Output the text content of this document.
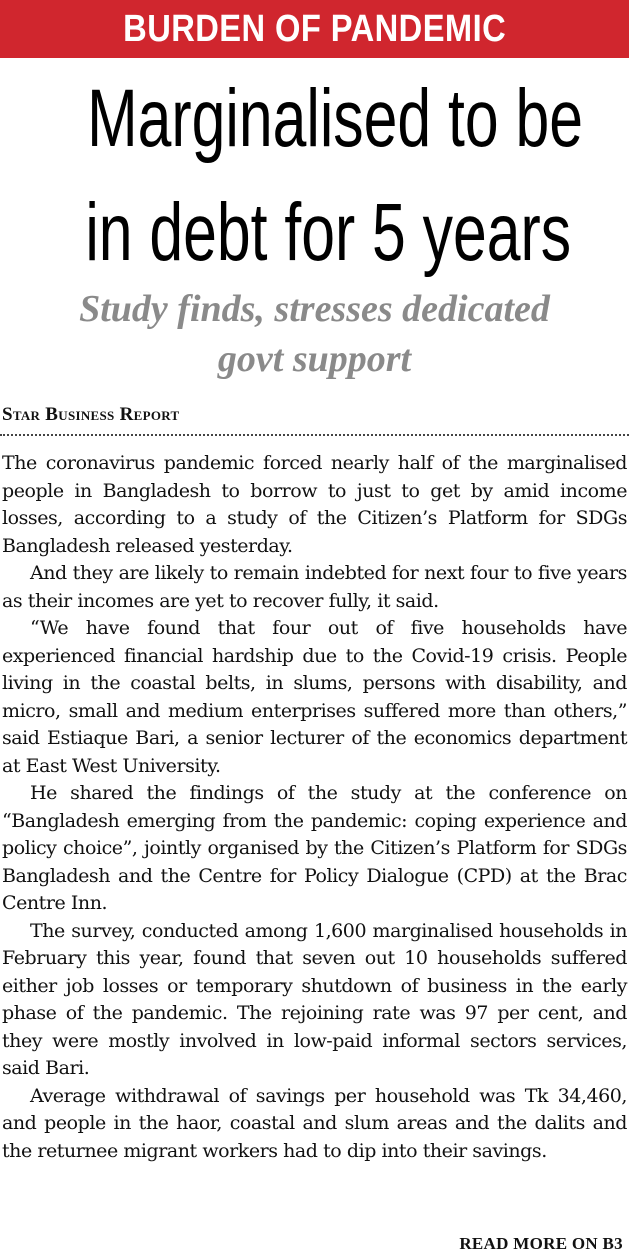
BURDEN OF PANDEMIC
Marginalised to be
in debt for 5 years
Study finds, stresses dedicated
govt support
Star Business Report

The coronavirus pandemic forced nearly half of the marginalised people in Bangladesh to borrow to just to get by amid income losses, according to a study of the Citizen’s Platform for SDGs Bangladesh released yesterday.

And they are likely to remain indebted for next four to five years as their incomes are yet to recover fully, it said.

“We have found that four out of five households have experienced financial hardship due to the Covid-19 crisis. People living in the coastal belts, in slums, persons with disability, and micro, small and medium enterprises suffered more than others,” said Estiaque Bari, a senior lecturer of the economics department at East West University.

He shared the findings of the study at the conference on “Bangladesh emerging from the pandemic: coping experience and policy choice”, jointly organised by the Citizen’s Platform for SDGs Bangladesh and the Centre for Policy Dialogue (CPD) at the Brac Centre Inn.

The survey, conducted among 1,600 marginalised households in February this year, found that seven out 10 households suffered either job losses or temporary shutdown of business in the early phase of the pandemic. The rejoining rate was 97 per cent, and they were mostly involved in low-paid informal sectors services, said Bari.

Average withdrawal of savings per household was Tk 34,460, and people in the haor, coastal and slum areas and the dalits and the returnee migrant workers had to dip into their savings.

READ MORE ON B3
